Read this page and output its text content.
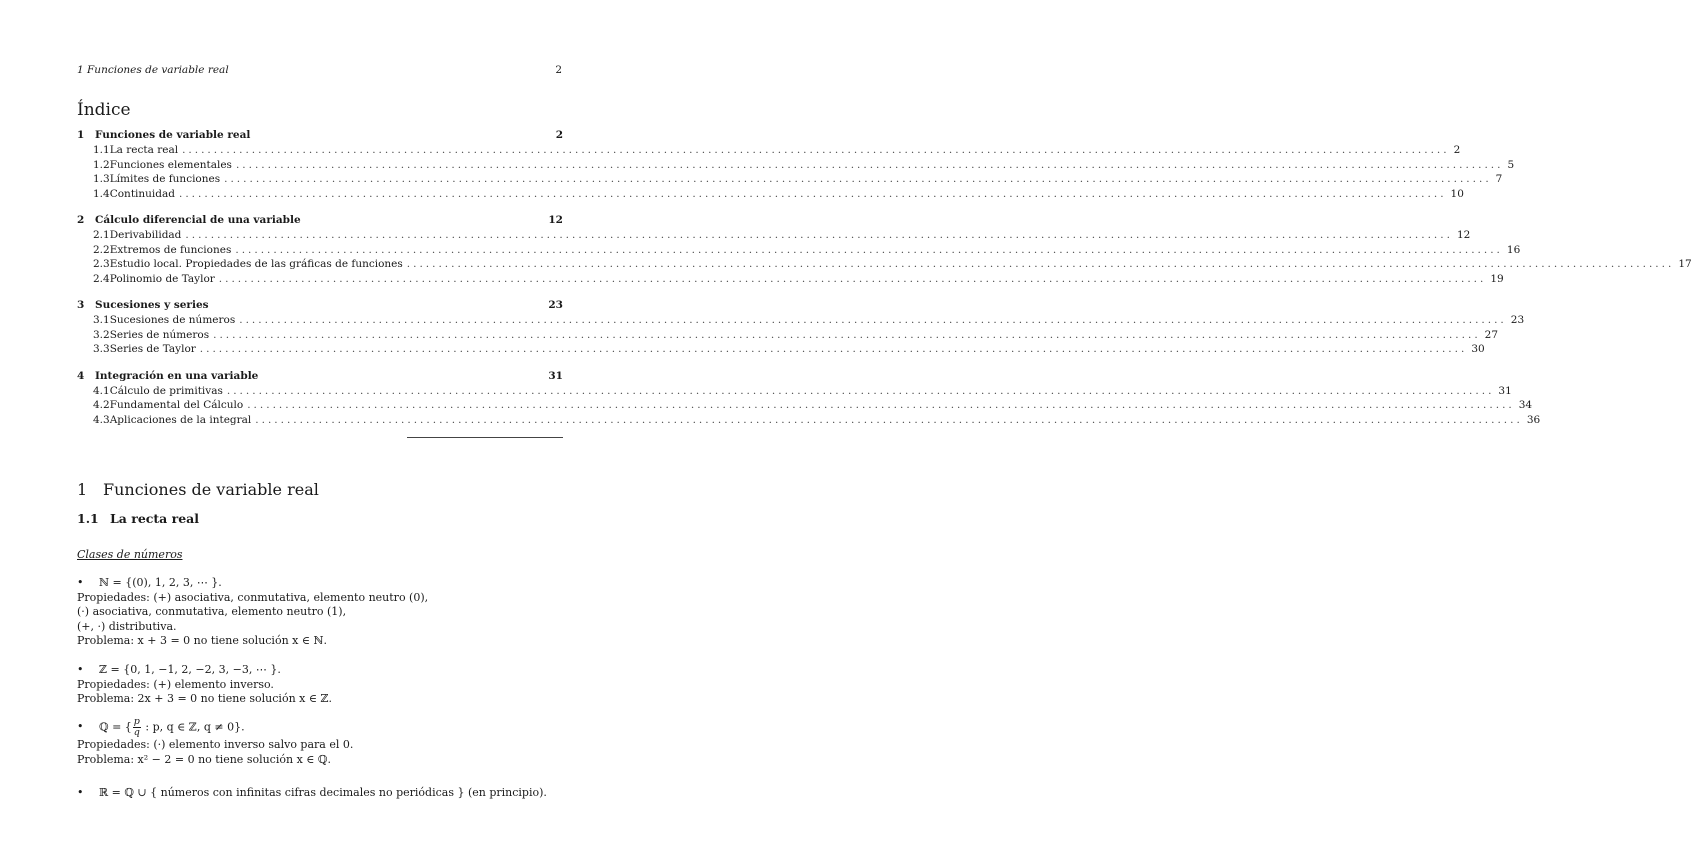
1 Funciones de variable real	2
Índice
1	Funciones de variable real	2
1.1 La recta real ........................................................................................................................................................................................................ 2
1.2 Funciones elementales ........................................................................................................................................................................................................ 5
1.3 Límites de funciones ........................................................................................................................................................................................................ 7
1.4 Continuidad ........................................................................................................................................................................................................ 10
2	Cálculo diferencial de una variable	12
2.1 Derivabilidad ........................................................................................................................................................................................................ 12
2.2 Extremos de funciones ........................................................................................................................................................................................................ 16
2.3 Estudio local. Propiedades de las gráficas de funciones ........................................................................................................................................................................................................ 17
2.4 Polinomio de Taylor ........................................................................................................................................................................................................ 19
3	Sucesiones y series	23
3.1 Sucesiones de números ........................................................................................................................................................................................................ 23
3.2 Series de números ........................................................................................................................................................................................................ 27
3.3 Series de Taylor ........................................................................................................................................................................................................ 30
4	Integración en una variable	31
4.1 Cálculo de primitivas ........................................................................................................................................................................................................ 31
4.2 Fundamental del Cálculo ........................................................................................................................................................................................................ 34
4.3 Aplicaciones de la integral ........................................................................................................................................................................................................ 36
1 Funciones de variable real
1.1 La recta real
Clases de números
•	ℕ = {(0), 1, 2, 3, ⋯ }.
Propiedades: (+) asociativa, conmutativa, elemento neutro (0),
(·) asociativa, conmutativa, elemento neutro (1),
(+, ·) distributiva.
Problema: x + 3 = 0 no tiene solución x ∈ ℕ.
•	ℤ = {0, 1, −1, 2, −2, 3, −3, ⋯ }.
Propiedades: (+) elemento inverso.
Problema: 2x + 3 = 0 no tiene solución x ∈ ℤ.
•	ℚ = { $\frac{p}{q}$ : p, q ∈ ℤ, q ≠ 0}.
Propiedades: (·) elemento inverso salvo para el 0.
Problema: x² − 2 = 0 no tiene solución x ∈ ℚ.
•	ℝ = ℚ ∪ { números con infinitas cifras decimales no periódicas } (en principio).
